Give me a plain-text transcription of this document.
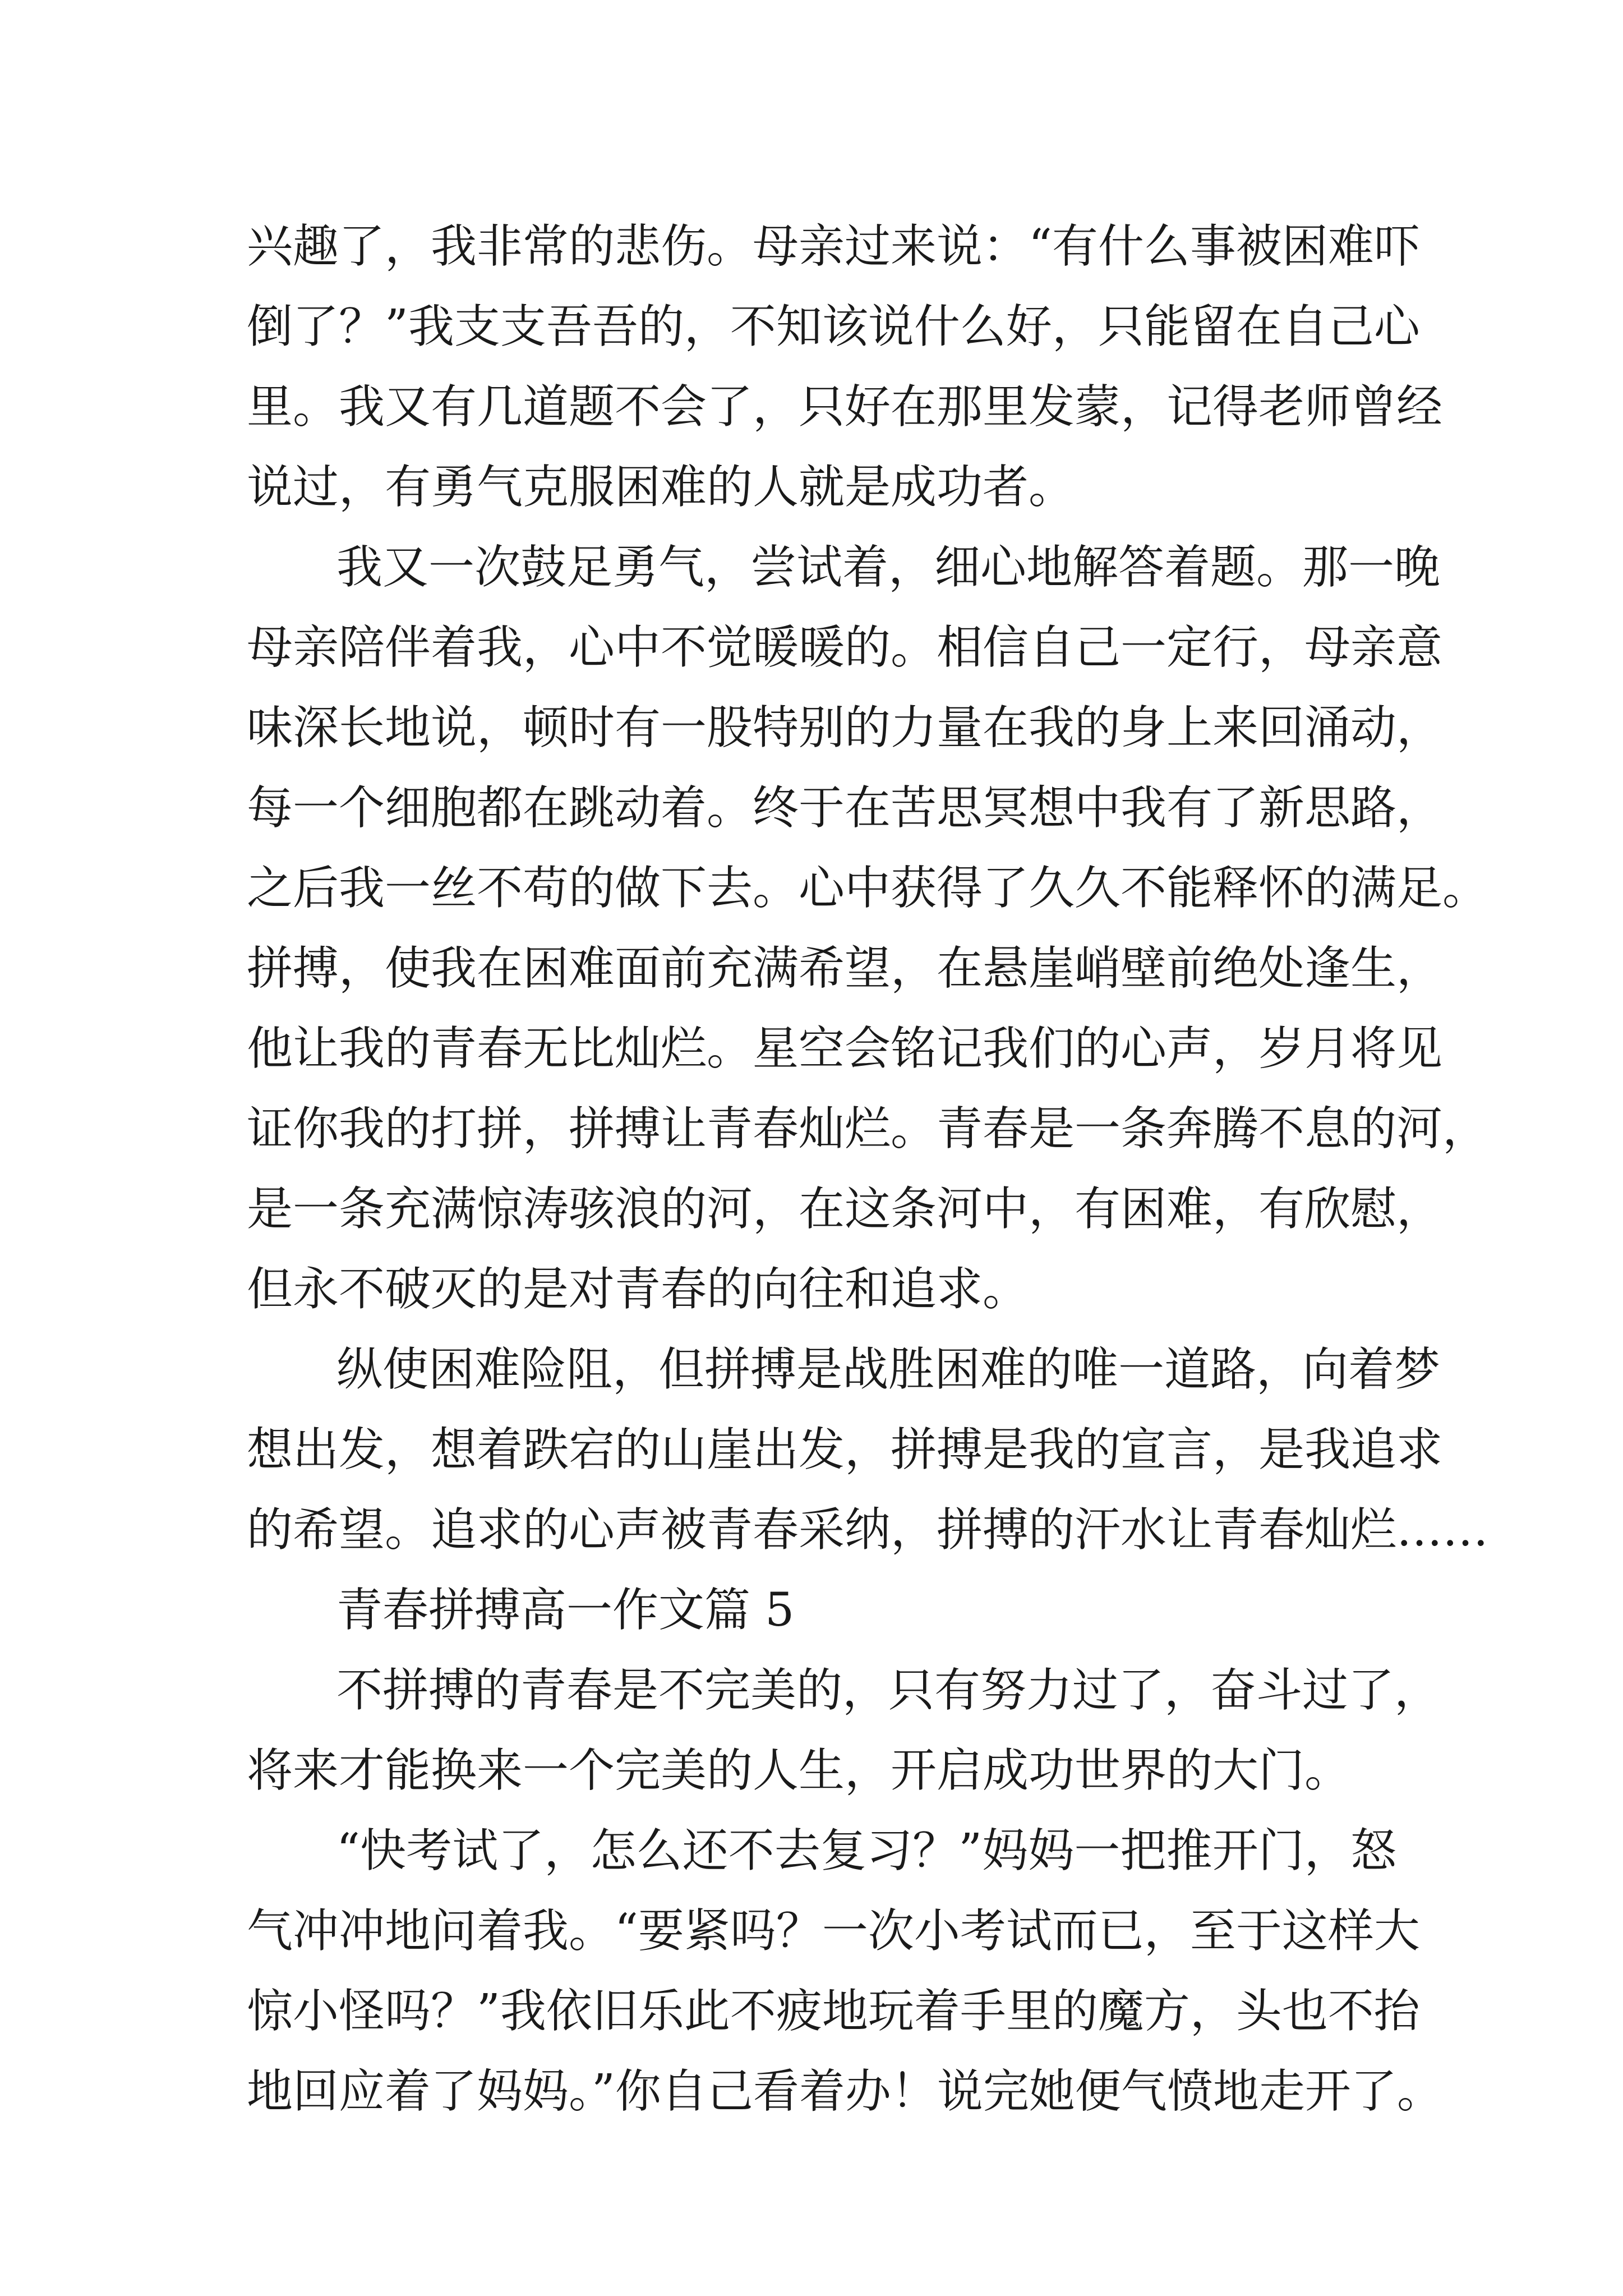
兴趣了，我非常的悲伤。母亲过来说：“有什么事被困难吓
倒了？”我支支吾吾的，不知该说什么好，只能留在自己心
里。我又有几道题不会了，只好在那里发蒙，记得老师曾经
说过，有勇气克服困难的人就是成功者。
我又一次鼓足勇气，尝试着，细心地解答着题。那一晚
母亲陪伴着我，心中不觉暖暖的。相信自己一定行，母亲意
味深长地说，顿时有一股特别的力量在我的身上来回涌动，
每一个细胞都在跳动着。终于在苦思冥想中我有了新思路，
之后我一丝不苟的做下去。心中获得了久久不能释怀的满足。
拼搏，使我在困难面前充满希望，在悬崖峭壁前绝处逢生，
他让我的青春无比灿烂。星空会铭记我们的心声，岁月将见
证你我的打拼，拼搏让青春灿烂。青春是一条奔腾不息的河，
是一条充满惊涛骇浪的河，在这条河中，有困难，有欣慰，
但永不破灭的是对青春的向往和追求。
纵使困难险阻，但拼搏是战胜困难的唯一道路，向着梦
想出发，想着跌宕的山崖出发，拼搏是我的宣言，是我追求
的希望。追求的心声被青春采纳，拼搏的汗水让青春灿烂……
青春拼搏高一作文篇 5
不拼搏的青春是不完美的，只有努力过了，奋斗过了，
将来才能换来一个完美的人生，开启成功世界的大门。
“快考试了，怎么还不去复习？”妈妈一把推开门，怒
气冲冲地问着我。“要紧吗？一次小考试而已，至于这样大
惊小怪吗？”我依旧乐此不疲地玩着手里的魔方，头也不抬
地回应着了妈妈。”你自己看着办！说完她便气愤地走开了。
